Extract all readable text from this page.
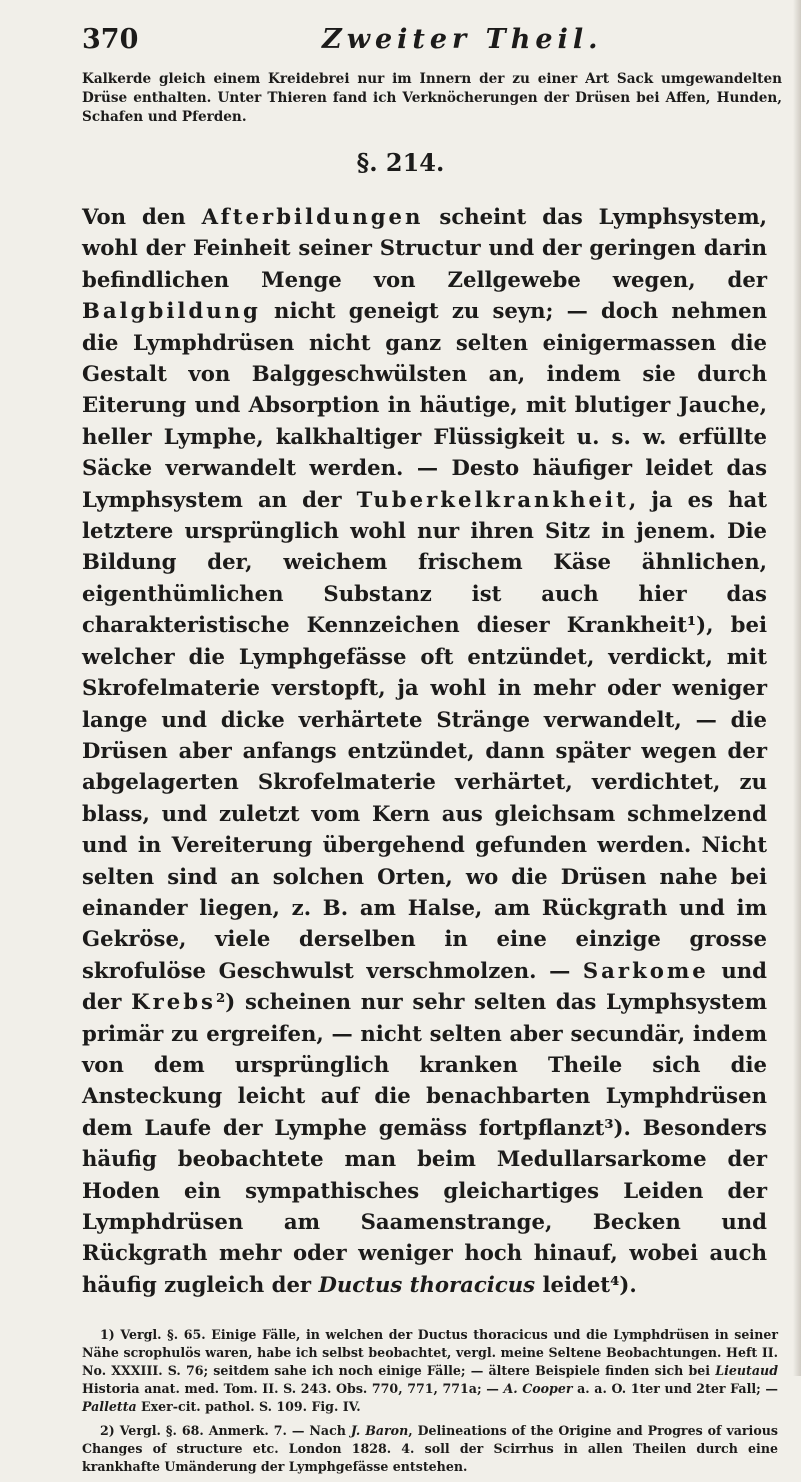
370	Zweiter Theil.

Kalkerde gleich einem Kreidebrei nur im Innern der zu einer Art Sack umgewandelten Drüse enthalten. Unter Thieren fand ich Verknöcherungen der Drüsen bei Affen, Hunden, Schafen und Pferden.

§. 214.

Von den Afterbildungen scheint das Lymphsystem, wohl der Feinheit seiner Structur und der geringen darin befindlichen Menge von Zellgewebe wegen, der Balgbildung nicht geneigt zu seyn; — doch nehmen die Lymphdrüsen nicht ganz selten einigermassen die Gestalt von Balggeschwülsten an, indem sie durch Eiterung und Absorption in häutige, mit blutiger Jauche, heller Lymphe, kalkhaltiger Flüssigkeit u. s. w. erfüllte Säcke verwandelt werden. — Desto häufiger leidet das Lymphsystem an der Tuberkelkrankheit, ja es hat letztere ursprünglich wohl nur ihren Sitz in jenem. Die Bildung der, weichem frischem Käse ähnlichen, eigenthümlichen Substanz ist auch hier das charakteristische Kennzeichen dieser Krankheit¹), bei welcher die Lymphgefässe oft entzündet, verdickt, mit Skrofelmaterie verstopft, ja wohl in mehr oder weniger lange und dicke verhärtete Stränge verwandelt, — die Drüsen aber anfangs entzündet, dann später wegen der abgelagerten Skrofelmaterie verhärtet, verdichtet, zu blass, und zuletzt vom Kern aus gleichsam schmelzend und in Vereiterung übergehend gefunden werden. Nicht selten sind an solchen Orten, wo die Drüsen nahe bei einander liegen, z. B. am Halse, am Rückgrath und im Gekröse, viele derselben in eine einzige grosse skrofulöse Geschwulst verschmolzen. — Sarkome und der Krebs²) scheinen nur sehr selten das Lymphsystem primär zu ergreifen, — nicht selten aber secundär, indem von dem ursprünglich kranken Theile sich die Ansteckung leicht auf die benachbarten Lymphdrüsen dem Laufe der Lymphe gemäss fortpflanzt³). Besonders häufig beobachtete man beim Medullarsarkome der Hoden ein sympathisches gleichartiges Leiden der Lymphdrüsen am Saamenstrange, Becken und Rückgrath mehr oder weniger hoch hinauf, wobei auch häufig zugleich der Ductus thoracicus leidet⁴).

1) Vergl. §. 65. Einige Fälle, in welchen der Ductus thoracicus und die Lymphdrüsen in seiner Nähe scrophulös waren, habe ich selbst beobachtet, vergl. meine Seltene Beobachtungen. Heft II. No. XXXIII. S. 76; seitdem sahe ich noch einige Fälle; — ältere Beispiele finden sich bei Lieutaud Historia anat. med. Tom. II. S. 243. Obs. 770, 771, 771a; — A. Cooper a. a. O. 1ter und 2ter Fall; — Palletta Exer-cit. pathol. S. 109. Fig. IV.

2) Vergl. §. 68. Anmerk. 7. — Nach J. Baron, Delineations of the Origine and Progres of various Changes of structure etc. London 1828. 4. soll der Scirrhus in allen Theilen durch eine krankhafte Umänderung der Lymphgefässe entstehen.
